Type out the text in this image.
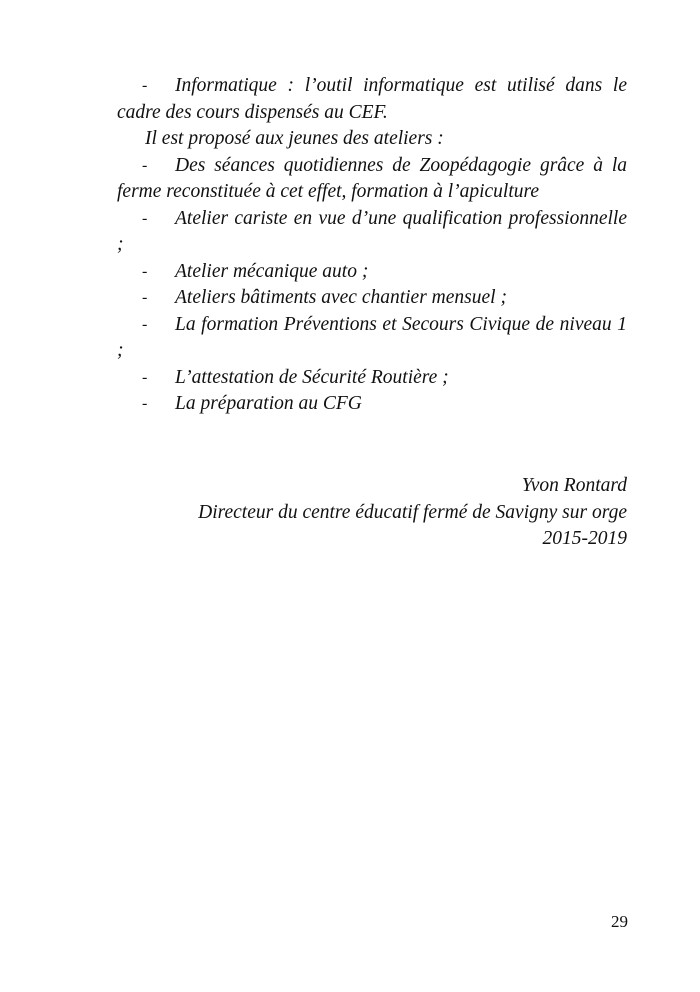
- Informatique : l’outil informatique est utilisé dans le cadre des cours dispensés au CEF.
Il est proposé aux jeunes des ateliers :
- Des séances quotidiennes de Zoopédagogie grâce à la ferme reconstituée à cet effet, formation à l’apiculture
- Atelier cariste en vue d’une qualification professionnelle ;
- Atelier mécanique auto ;
- Ateliers bâtiments avec chantier mensuel ;
- La formation Préventions et Secours Civique de niveau 1 ;
- L’attestation de Sécurité Routière ;
- La préparation au CFG
Yvon Rontard
Directeur du centre éducatif fermé de Savigny sur orge
2015-2019
29
